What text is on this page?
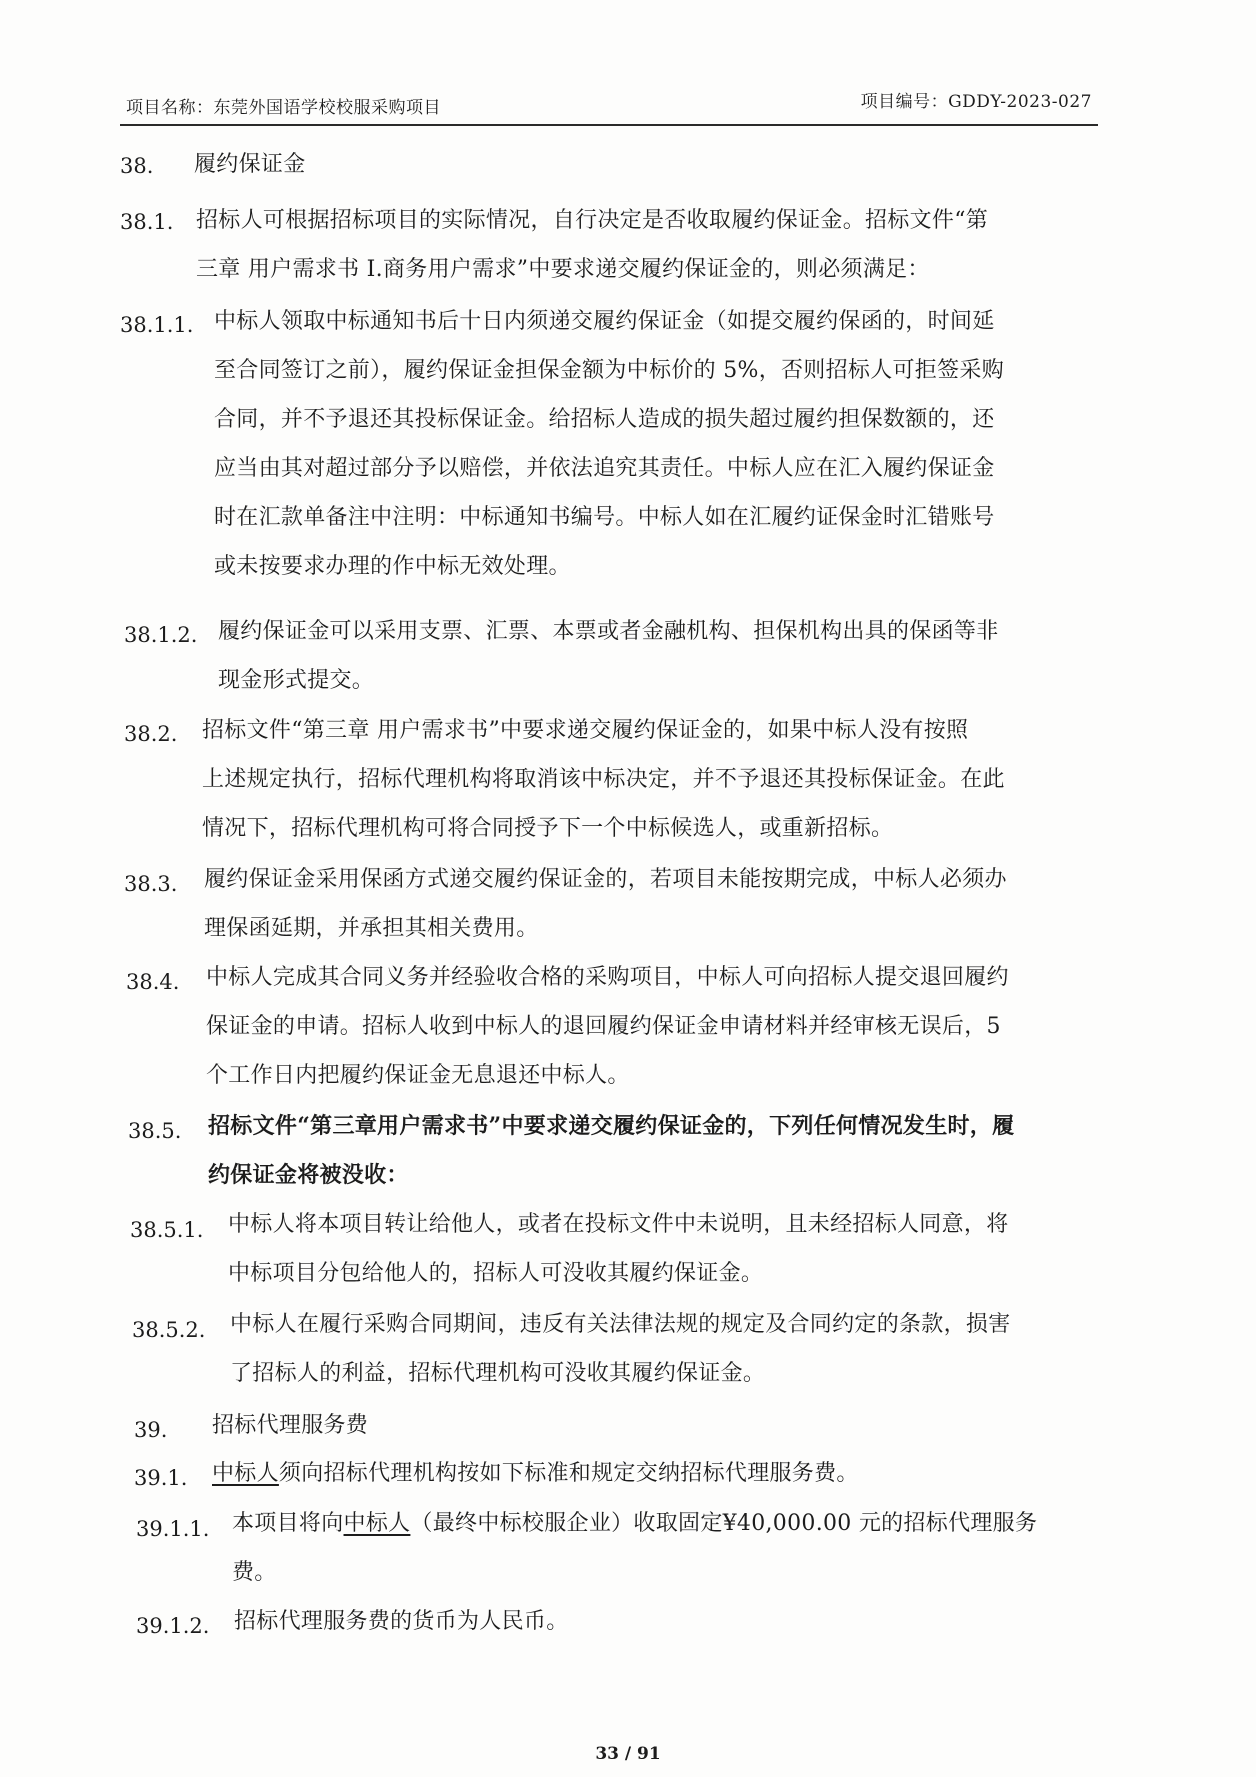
项目名称：东莞外国语学校校服采购项目	项目编号：GDDY-2023-027
38. 履约保证金
38.1. 招标人可根据招标项目的实际情况，自行决定是否收取履约保证金。招标文件“第
三章 用户需求书 Ⅰ.商务用户需求”中要求递交履约保证金的，则必须满足：
38.1.1. 中标人领取中标通知书后十日内须递交履约保证金（如提交履约保函的，时间延
至合同签订之前），履约保证金担保金额为中标价的 5%，否则招标人可拒签采购
合同，并不予退还其投标保证金。给招标人造成的损失超过履约担保数额的，还
应当由其对超过部分予以赔偿，并依法追究其责任。中标人应在汇入履约保证金
时在汇款单备注中注明：中标通知书编号。中标人如在汇履约证保金时汇错账号
或未按要求办理的作中标无效处理。
38.1.2. 履约保证金可以采用支票、汇票、本票或者金融机构、担保机构出具的保函等非
现金形式提交。
38.2. 招标文件“第三章 用户需求书”中要求递交履约保证金的，如果中标人没有按照
上述规定执行，招标代理机构将取消该中标决定，并不予退还其投标保证金。在此
情况下，招标代理机构可将合同授予下一个中标候选人，或重新招标。
38.3. 履约保证金采用保函方式递交履约保证金的，若项目未能按期完成，中标人必须办
理保函延期，并承担其相关费用。
38.4. 中标人完成其合同义务并经验收合格的采购项目，中标人可向招标人提交退回履约
保证金的申请。招标人收到中标人的退回履约保证金申请材料并经审核无误后，5
个工作日内把履约保证金无息退还中标人。
38.5. 招标文件“第三章用户需求书”中要求递交履约保证金的，下列任何情况发生时，履
约保证金将被没收：
38.5.1. 中标人将本项目转让给他人，或者在投标文件中未说明，且未经招标人同意，将
中标项目分包给他人的，招标人可没收其履约保证金。
38.5.2. 中标人在履行采购合同期间，违反有关法律法规的规定及合同约定的条款，损害
了招标人的利益，招标代理机构可没收其履约保证金。
39. 招标代理服务费
39.1. 中标人须向招标代理机构按如下标准和规定交纳招标代理服务费。
39.1.1. 本项目将向中标人（最终中标校服企业）收取固定¥40,000.00 元的招标代理服务
费。
39.1.2. 招标代理服务费的货币为人民币。
33 / 91
